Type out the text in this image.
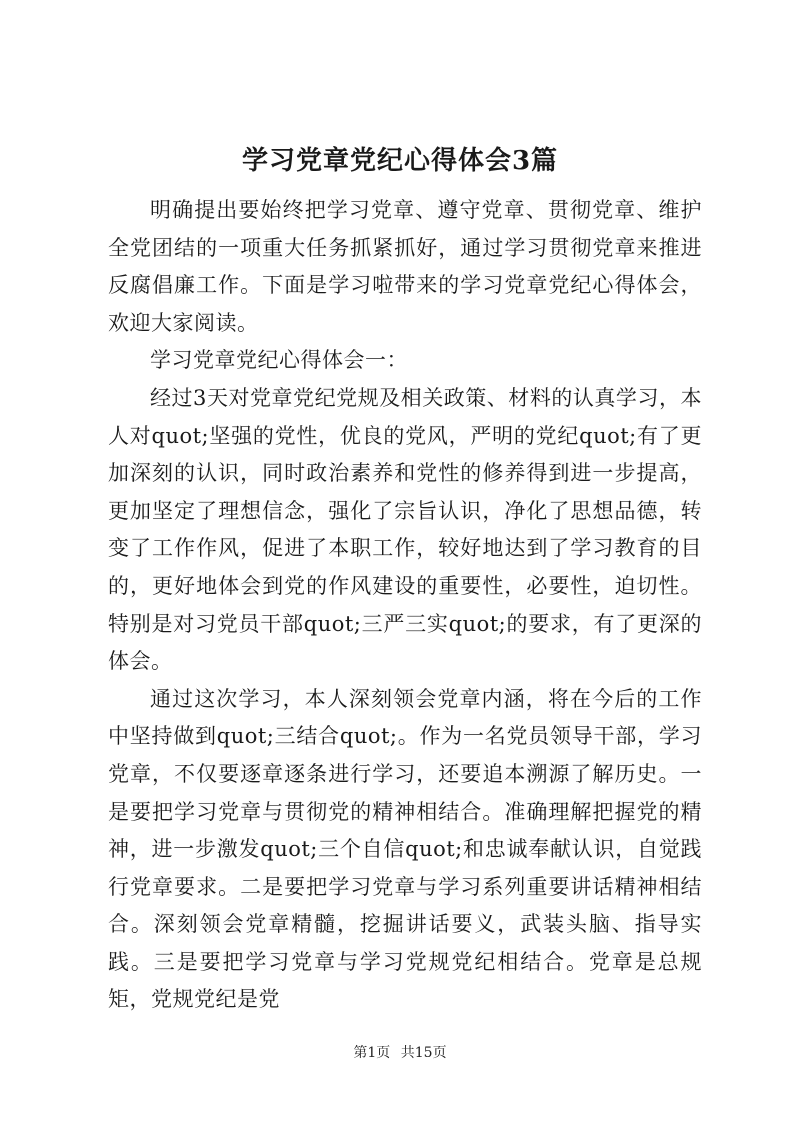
学习党章党纪心得体会3篇

明确提出要始终把学习党章、遵守党章、贯彻党章、维护全党团结的一项重大任务抓紧抓好，通过学习贯彻党章来推进反腐倡廉工作。下面是学习啦带来的学习党章党纪心得体会，欢迎大家阅读。

学习党章党纪心得体会一：

经过3天对党章党纪党规及相关政策、材料的认真学习，本人对quot;坚强的党性，优良的党风，严明的党纪quot;有了更加深刻的认识，同时政治素养和党性的修养得到进一步提高，更加坚定了理想信念，强化了宗旨认识，净化了思想品德，转变了工作作风，促进了本职工作，较好地达到了学习教育的目的，更好地体会到党的作风建设的重要性，必要性，迫切性。特别是对习党员干部quot;三严三实quot;的要求，有了更深的体会。

通过这次学习，本人深刻领会党章内涵，将在今后的工作中坚持做到quot;三结合quot;。作为一名党员领导干部，学习党章，不仅要逐章逐条进行学习，还要追本溯源了解历史。一是要把学习党章与贯彻党的精神相结合。准确理解把握党的精神，进一步激发quot;三个自信quot;和忠诚奉献认识，自觉践行党章要求。二是要把学习党章与学习系列重要讲话精神相结合。深刻领会党章精髓，挖掘讲话要义，武装头脑、指导实践。三是要把学习党章与学习党规党纪相结合。党章是总规矩，党规党纪是党

第1页 共15页
